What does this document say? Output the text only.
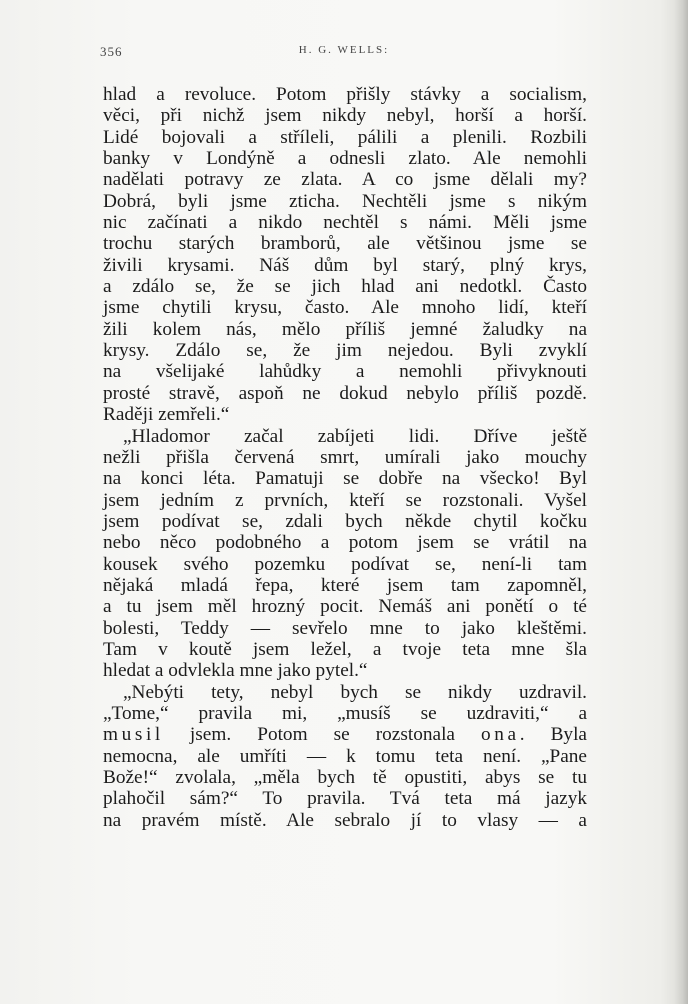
356	H. G. WELLS:
hlad a revoluce. Potom přišly stávky a socialism,
věci, při nichž jsem nikdy nebyl, horší a horší.
Lidé bojovali a stříleli, pálili a plenili. Rozbili
banky v Londýně a odnesli zlato. Ale nemohli
nadělati potravy ze zlata. A co jsme dělali my?
Dobrá, byli jsme zticha. Nechtěli jsme s nikým
nic začínati a nikdo nechtěl s námi. Měli jsme
trochu starých bramborů, ale většinou jsme se
živili krysami. Náš dům byl starý, plný krys,
a zdálo se, že se jich hlad ani nedotkl. Často
jsme chytili krysu, často. Ale mnoho lidí, kteří
žili kolem nás, mělo příliš jemné žaludky na
krysy. Zdálo se, že jim nejedou. Byli zvyklí
na všelijaké lahůdky a nemohli přivyknouti
prosté stravě, aspoň ne dokud nebylo příliš pozdě.
Raději zemřeli.“
„Hladomor začal zabíjeti lidi. Dříve ještě
nežli přišla červená smrt, umírali jako mouchy
na konci léta. Pamatuji se dobře na všecko! Byl
jsem jedním z prvních, kteří se rozstonali. Vyšel
jsem podívat se, zdali bych někde chytil kočku
nebo něco podobného a potom jsem se vrátil na
kousek svého pozemku podívat se, není-li tam
nějaká mladá řepa, které jsem tam zapomněl,
a tu jsem měl hrozný pocit. Nemáš ani ponětí o té
bolesti, Teddy — sevřelo mne to jako kleštěmi.
Tam v koutě jsem ležel, a tvoje teta mne šla
hledat a odvlekla mne jako pytel.“
„Nebýti tety, nebyl bych se nikdy uzdravil.
„Tome,“ pravila mi, „musíš se uzdraviti,“ a
musil jsem. Potom se rozstonala ona. Byla
nemocna, ale umříti — k tomu teta není. „Pane
Bože!“ zvolala, „měla bych tě opustiti, abys se tu
plahočil sám?“ To pravila. Tvá teta má jazyk
na pravém místě. Ale sebralo jí to vlasy — a
